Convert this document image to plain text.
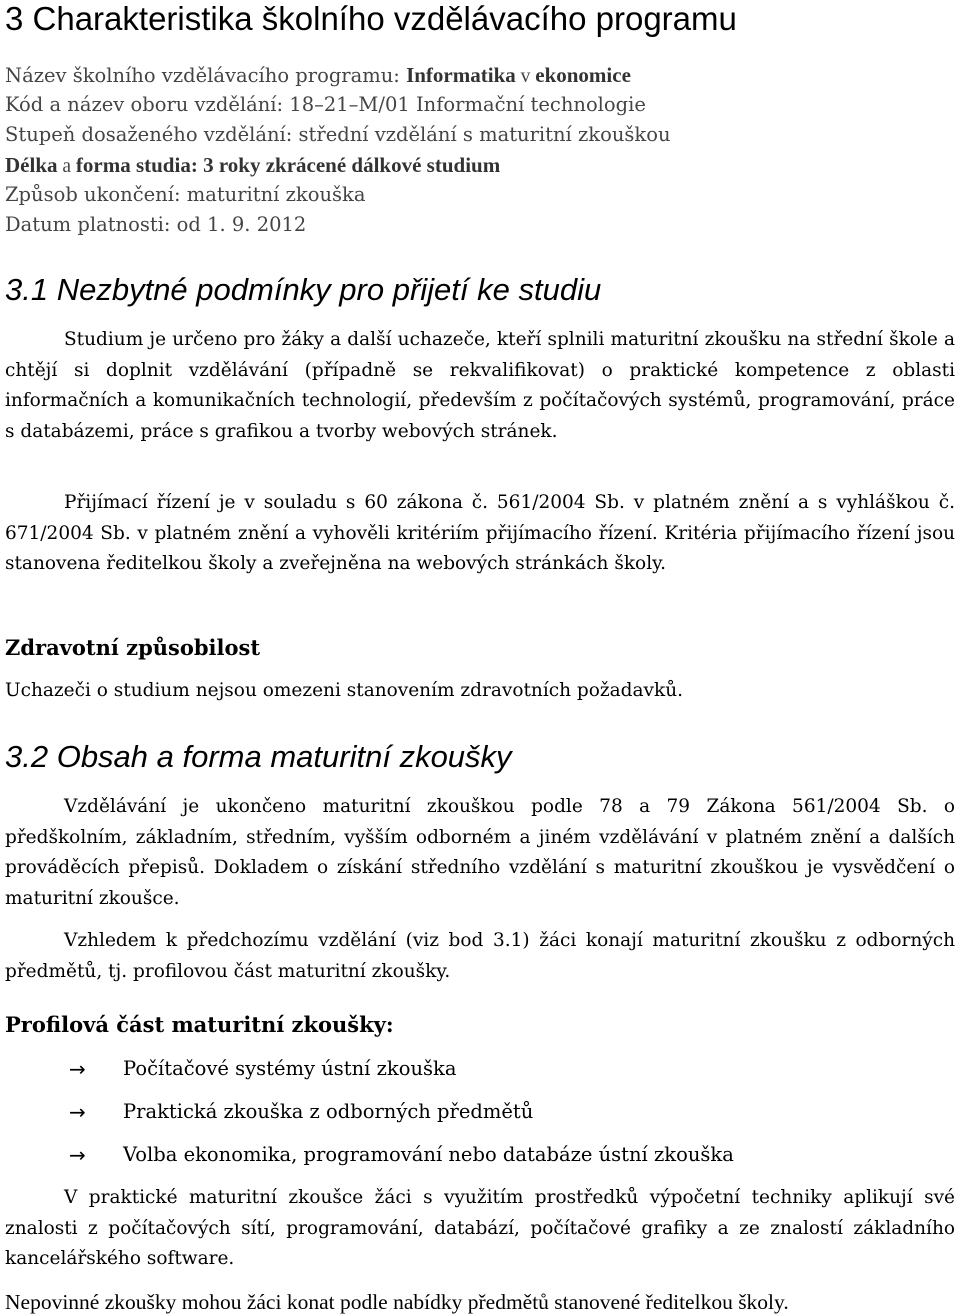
3 Charakteristika školního vzdělávacího programu
Název školního vzdělávacího programu: Informatika v ekonomice
Kód a název oboru vzdělání: 18–21–M/01 Informační technologie
Stupeň dosaženého vzdělání: střední vzdělání s maturitní zkouškou
Délka a forma studia: 3 roky zkrácené dálkové studium
Způsob ukončení: maturitní zkouška
Datum platnosti: od 1. 9. 2012
3.1 Nezbytné podmínky pro přijetí ke studiu

Studium je určeno pro žáky a další uchazeče, kteří splnili maturitní zkoušku na střední škole a chtějí si doplnit vzdělávání (případně se rekvalifikovat) o praktické kompetence z oblasti informačních a komunikačních technologií, především z počítačových systémů, programování, práce s databázemi, práce s grafikou a tvorby webových stránek.

Přijímací řízení je v souladu s 60 zákona č. 561/2004 Sb. v platném znění a s vyhláškou č. 671/2004 Sb. v platném znění a vyhověli kritériím přijímacího řízení. Kritéria přijímacího řízení jsou stanovena ředitelkou školy a zveřejněna na webových stránkách školy.

Zdravotní způsobilost

Uchazeči o studium nejsou omezeni stanovením zdravotních požadavků.

3.2 Obsah a forma maturitní zkoušky

Vzdělávání je ukončeno maturitní zkouškou podle 78 a 79 Zákona 561/2004 Sb. o předškolním, základním, středním, vyšším odborném a jiném vzdělávání v platném znění a dalších prováděcích přepisů. Dokladem o získání středního vzdělání s maturitní zkouškou je vysvědčení o maturitní zkoušce.

Vzhledem k předchozímu vzdělání (viz bod 3.1) žáci konají maturitní zkoušku z odborných předmětů, tj. profilovou část maturitní zkoušky.

Profilová část maturitní zkoušky:
→ Počítačové systémy ústní zkouška
→ Praktická zkouška z odborných předmětů
→ Volba ekonomika, programování nebo databáze ústní zkouška

V praktické maturitní zkoušce žáci s využitím prostředků výpočetní techniky aplikují své znalosti z počítačových sítí, programování, databází, počítačové grafiky a ze znalostí základního kancelářského software.

Nepovinné zkoušky mohou žáci konat podle nabídky předmětů stanovené ředitelkou školy.
